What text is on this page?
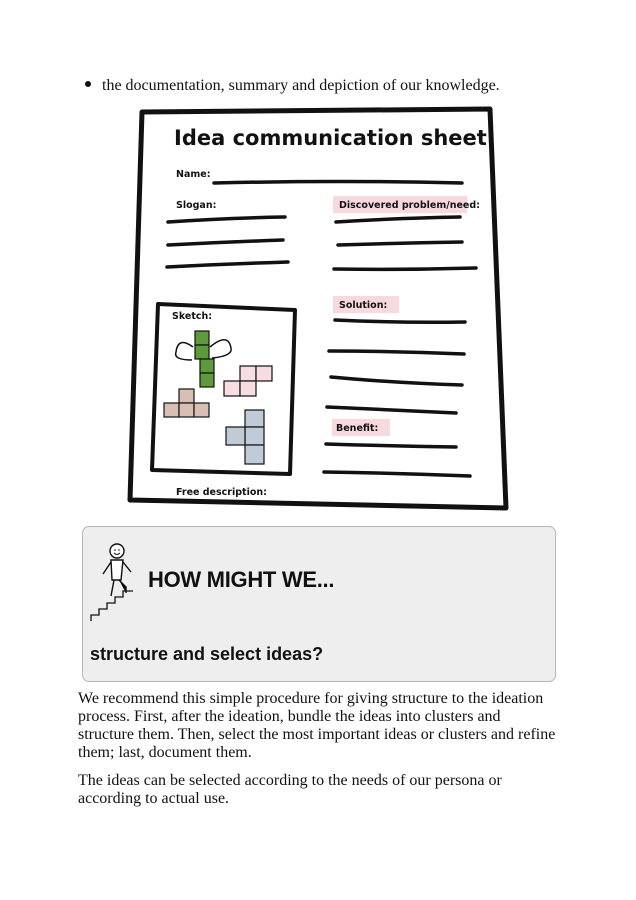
the documentation, summary and depiction of our knowledge.
Idea communication sheet
Name:
Slogan:	Discovered problem/need:
Solution:
Benefit:
Sketch:
Free description:
HOW MIGHT WE...
structure and select ideas?

We recommend this simple procedure for giving structure to the ideation process. First, after the ideation, bundle the ideas into clusters and structure them. Then, select the most important ideas or clusters and refine them; last, document them.

The ideas can be selected according to the needs of our persona or according to actual use.
